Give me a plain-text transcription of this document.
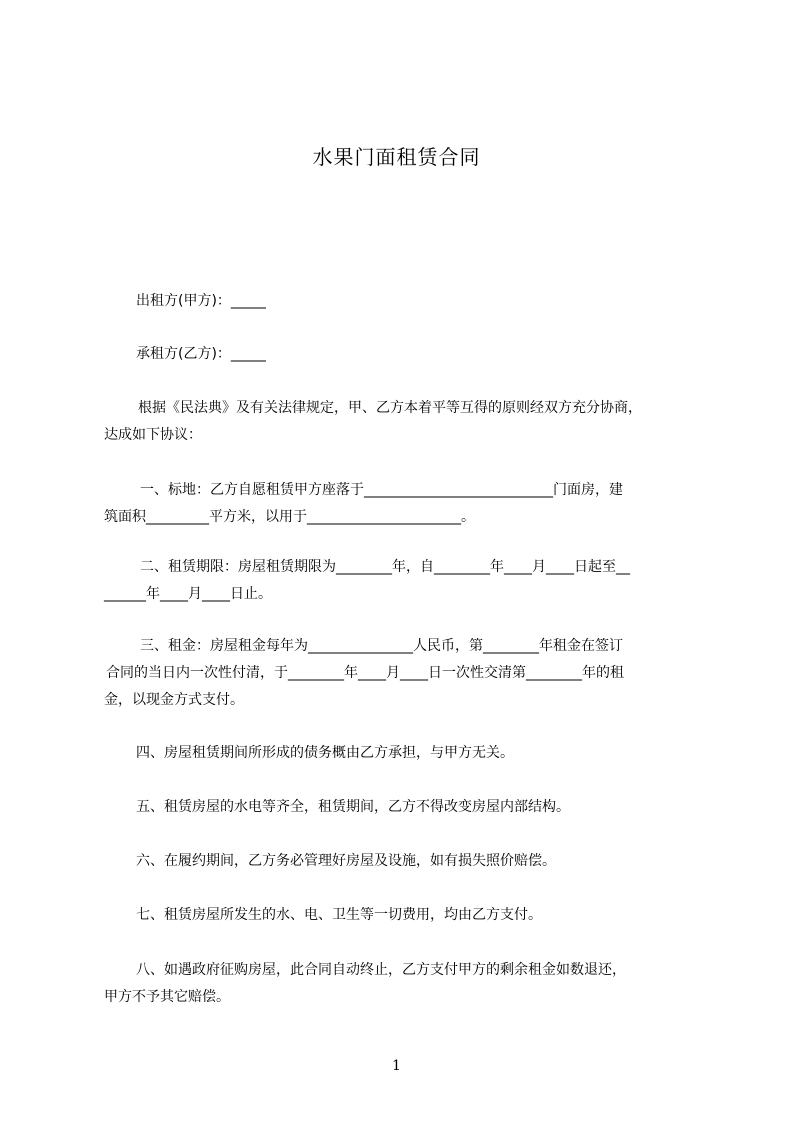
水果门面租赁合同
出租方(甲方)：_____
承租方(乙方)：_____
根据《民法典》及有关法律规定，甲、乙方本着平等互得的原则经双方充分协商，
达成如下协议：
一、标地：乙方自愿租赁甲方座落于___________________________门面房，建
筑面积_________平方米，以用于______________________。
二、租赁期限：房屋租赁期限为________年，自________年____月____日起至__
______年____月____日止。
三、租金：房屋租金每年为_______________人民币，第________年租金在签订
合同的当日内一次性付清，于________年____月____日一次性交清第________年的租
金，以现金方式支付。
四、房屋租赁期间所形成的债务概由乙方承担，与甲方无关。
五、租赁房屋的水电等齐全，租赁期间，乙方不得改变房屋内部结构。
六、在履约期间，乙方务必管理好房屋及设施，如有损失照价赔偿。
七、租赁房屋所发生的水、电、卫生等一切费用，均由乙方支付。
八、如遇政府征购房屋，此合同自动终止，乙方支付甲方的剩余租金如数退还，
甲方不予其它赔偿。
1
